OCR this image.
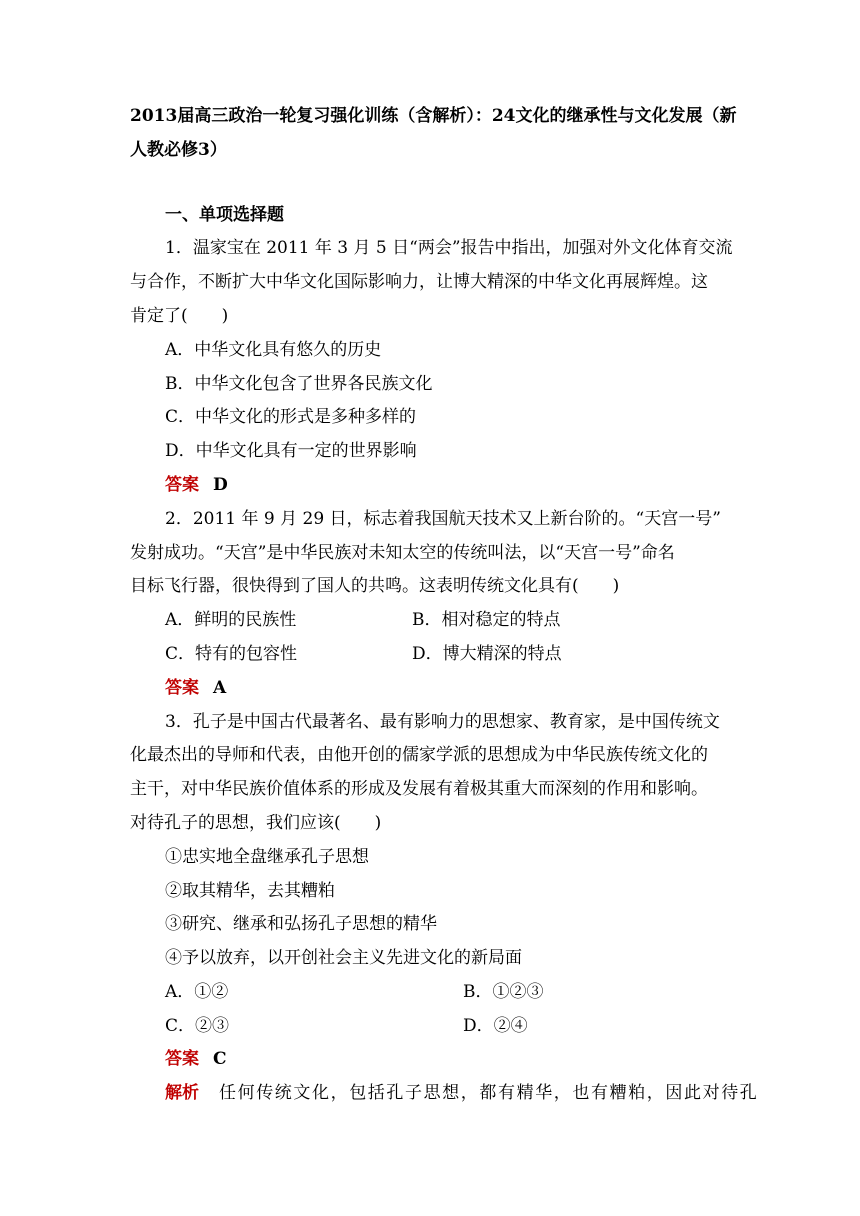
2013届高三政治一轮复习强化训练（含解析）：24文化的继承性与文化发展（新
人教必修3）
一、单项选择题
1．温家宝在 2011 年 3 月 5 日“两会”报告中指出，加强对外文化体育交流
与合作，不断扩大中华文化国际影响力，让博大精深的中华文化再展辉煌。这
肯定了(　　)
A．中华文化具有悠久的历史
B．中华文化包含了世界各民族文化
C．中华文化的形式是多种多样的
D．中华文化具有一定的世界影响
答案 D
2．2011 年 9 月 29 日，标志着我国航天技术又上新台阶的。“天宫一号”
发射成功。“天宫”是中华民族对未知太空的传统叫法，以“天宫一号”命名
目标飞行器，很快得到了国人的共鸣。这表明传统文化具有(　　)
A．鲜明的民族性	B．相对稳定的特点
C．特有的包容性	D．博大精深的特点
答案 A
3．孔子是中国古代最著名、最有影响力的思想家、教育家，是中国传统文
化最杰出的导师和代表，由他开创的儒家学派的思想成为中华民族传统文化的
主干，对中华民族价值体系的形成及发展有着极其重大而深刻的作用和影响。
对待孔子的思想，我们应该(　　)
①忠实地全盘继承孔子思想
②取其精华，去其糟粕
③研究、继承和弘扬孔子思想的精华
④予以放弃，以开创社会主义先进文化的新局面
A．①②	B．①②③
C．②③	D．②④
答案 C
解析 任何传统文化，包括孔子思想，都有精华，也有糟粕，因此对待孔
